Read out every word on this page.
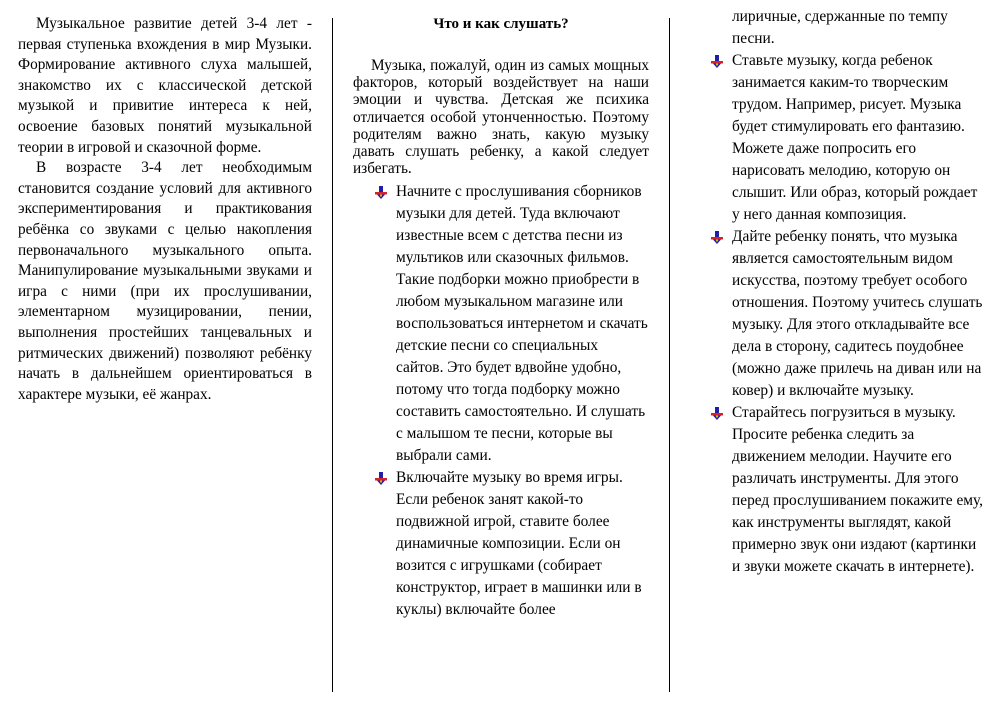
Музыкальное развитие детей 3-4 лет - первая ступенька вхождения в мир Музыки. Формирование активного слуха малышей, знакомство их с классической детской музыкой и привитие интереса к ней, освоение базовых понятий музыкальной теории в игровой и сказочной форме.

В возрасте 3-4 лет необходимым становится создание условий для активного экспериментирования и практикования ребёнка со звуками с целью накопления первоначального музыкального опыта. Манипулирование музыкальными звуками и игра с ними (при их прослушивании, элементарном музицировании, пении, выполнения простейших танцевальных и ритмических движений) позволяют ребёнку начать в дальнейшем ориентироваться в характере музыки, её жанрах.

Что и как слушать?

Музыка, пожалуй, один из самых мощных факторов, который воздействует на наши эмоции и чувства. Детская же психика отличается особой утонченностью. Поэтому родителям важно знать, какую музыку давать слушать ребенку, а какой следует избегать.

Начните с прослушивания сборников музыки для детей. Туда включают известные всем с детства песни из мультиков или сказочных фильмов. Такие подборки можно приобрести в любом музыкальном магазине или воспользоваться интернетом и скачать детские песни со специальных сайтов. Это будет вдвойне удобно, потому что тогда подборку можно составить самостоятельно. И слушать с малышом те песни, которые вы выбрали сами.
Включайте музыку во время игры. Если ребенок занят какой-то подвижной игрой, ставите более динамичные композиции. Если он возится с игрушками (собирает конструктор, играет в машинки или в куклы) включайте более

лиричные, сдержанные по темпу песни.

Ставьте музыку, когда ребенок занимается каким-то творческим трудом. Например, рисует. Музыка будет стимулировать его фантазию. Можете даже попросить его нарисовать мелодию, которую он слышит. Или образ, который рождает у него данная композиция.
Дайте ребенку понять, что музыка является самостоятельным видом искусства, поэтому требует особого отношения. Поэтому учитесь слушать музыку. Для этого откладывайте все дела в сторону, садитесь поудобнее (можно даже прилечь на диван или на ковер) и включайте музыку.
Старайтесь погрузиться в музыку. Просите ребенка следить за движением мелодии. Научите его различать инструменты. Для этого перед прослушиванием покажите ему, как инструменты выглядят, какой примерно звук они издают (картинки и звуки можете скачать в интернете).
